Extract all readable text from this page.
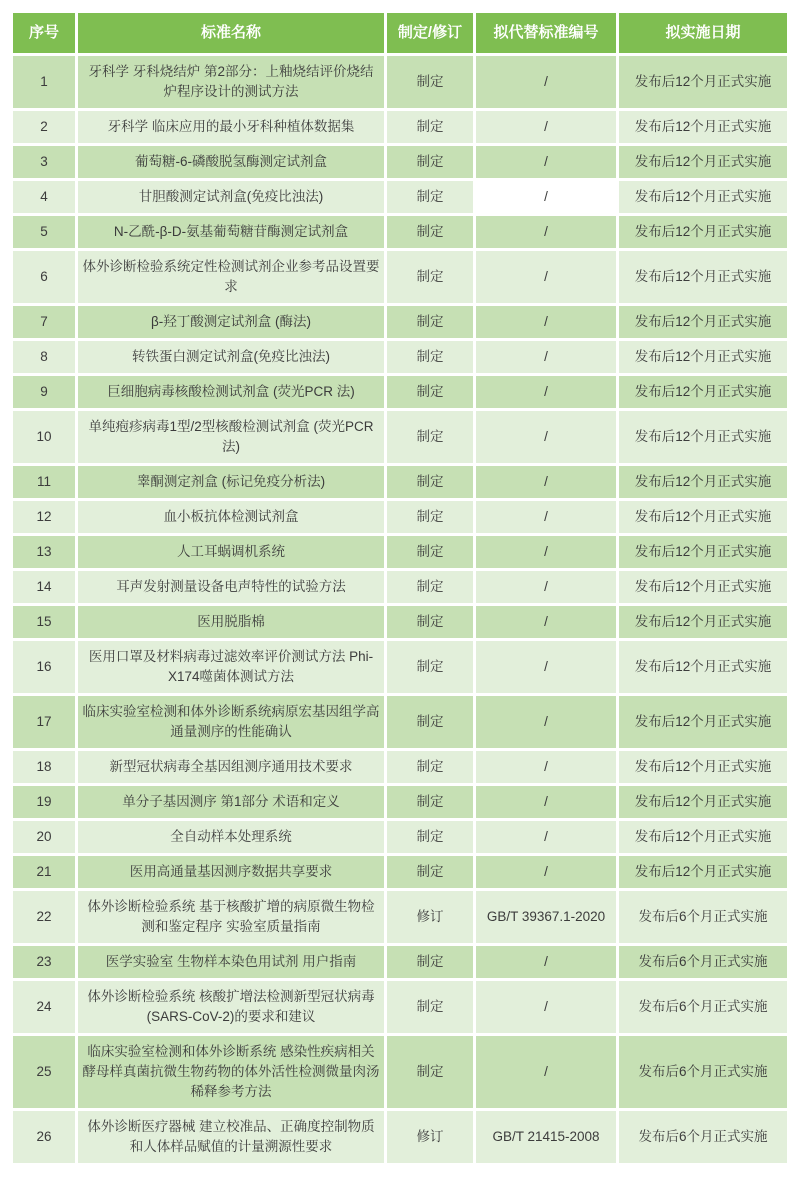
序号	标准名称	制定/修订	拟代替标准编号	拟实施日期
1	牙科学 牙科烧结炉 第2部分：上釉烧结评价烧结炉程序设计的测试方法	制定	/	发布后12个月正式实施
2	牙科学 临床应用的最小牙科种植体数据集	制定	/	发布后12个月正式实施
3	葡萄糖-6-磷酸脱氢酶测定试剂盒	制定	/	发布后12个月正式实施
4	甘胆酸测定试剂盒(免疫比浊法)	制定	/	发布后12个月正式实施
5	N-乙酰-β-D-氨基葡萄糖苷酶测定试剂盒	制定	/	发布后12个月正式实施
6	体外诊断检验系统定性检测试剂企业参考品设置要求	制定	/	发布后12个月正式实施
7	β-羟丁酸测定试剂盒 (酶法)	制定	/	发布后12个月正式实施
8	转铁蛋白测定试剂盒(免疫比浊法)	制定	/	发布后12个月正式实施
9	巨细胞病毒核酸检测试剂盒 (荧光PCR 法)	制定	/	发布后12个月正式实施
10	单纯疱疹病毒1型/2型核酸检测试剂盒 (荧光PCR法)	制定	/	发布后12个月正式实施
11	睾酮测定剂盒 (标记免疫分析法)	制定	/	发布后12个月正式实施
12	血小板抗体检测试剂盒	制定	/	发布后12个月正式实施
13	人工耳蜗调机系统	制定	/	发布后12个月正式实施
14	耳声发射测量设备电声特性的试验方法	制定	/	发布后12个月正式实施
15	医用脱脂棉	制定	/	发布后12个月正式实施
16	医用口罩及材料病毒过滤效率评价测试方法 Phi-X174噬菌体测试方法	制定	/	发布后12个月正式实施
17	临床实验室检测和体外诊断系统病原宏基因组学高通量测序的性能确认	制定	/	发布后12个月正式实施
18	新型冠状病毒全基因组测序通用技术要求	制定	/	发布后12个月正式实施
19	单分子基因测序 第1部分 术语和定义	制定	/	发布后12个月正式实施
20	全自动样本处理系统	制定	/	发布后12个月正式实施
21	医用高通量基因测序数据共享要求	制定	/	发布后12个月正式实施
22	体外诊断检验系统 基于核酸扩增的病原微生物检测和鉴定程序 实验室质量指南	修订	GB/T 39367.1-2020	发布后6个月正式实施
23	医学实验室 生物样本染色用试剂 用户指南	制定	/	发布后6个月正式实施
24	体外诊断检验系统 核酸扩增法检测新型冠状病毒(SARS-CoV-2)的要求和建议	制定	/	发布后6个月正式实施
25	临床实验室检测和体外诊断系统 感染性疾病相关酵母样真菌抗微生物药物的体外活性检测微量肉汤稀释参考方法	制定	/	发布后6个月正式实施
26	体外诊断医疗器械 建立校准品、正确度控制物质和人体样品赋值的计量溯源性要求	修订	GB/T 21415-2008	发布后6个月正式实施
